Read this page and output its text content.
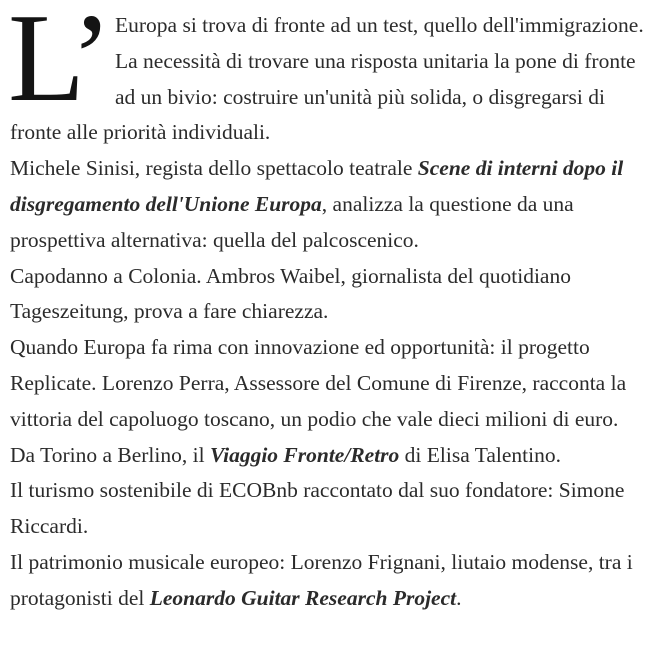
L’ Europa si trova di fronte ad un test, quello dell'immigrazione.
La necessità di trovare una risposta unitaria la pone di fronte
ad un bivio: costruire un'unità più solida, o disgregarsi di
fronte alle priorità individuali.
Michele Sinisi, regista dello spettacolo teatrale Scene di interni dopo il
disgregamento dell'Unione Europa, analizza la questione da una
prospettiva alternativa: quella del palcoscenico.
Capodanno a Colonia. Ambros Waibel, giornalista del quotidiano
Tageszeitung, prova a fare chiarezza.
Quando Europa fa rima con innovazione ed opportunità: il progetto
Replicate. Lorenzo Perra, Assessore del Comune di Firenze, racconta la
vittoria del capoluogo toscano, un podio che vale dieci milioni di euro.
Da Torino a Berlino, il Viaggio Fronte/Retro di Elisa Talentino.
Il turismo sostenibile di ECOBnb raccontato dal suo fondatore: Simone
Riccardi.
Il patrimonio musicale europeo: Lorenzo Frignani, liutaio modense, tra i
protagonisti del Leonardo Guitar Research Project.
